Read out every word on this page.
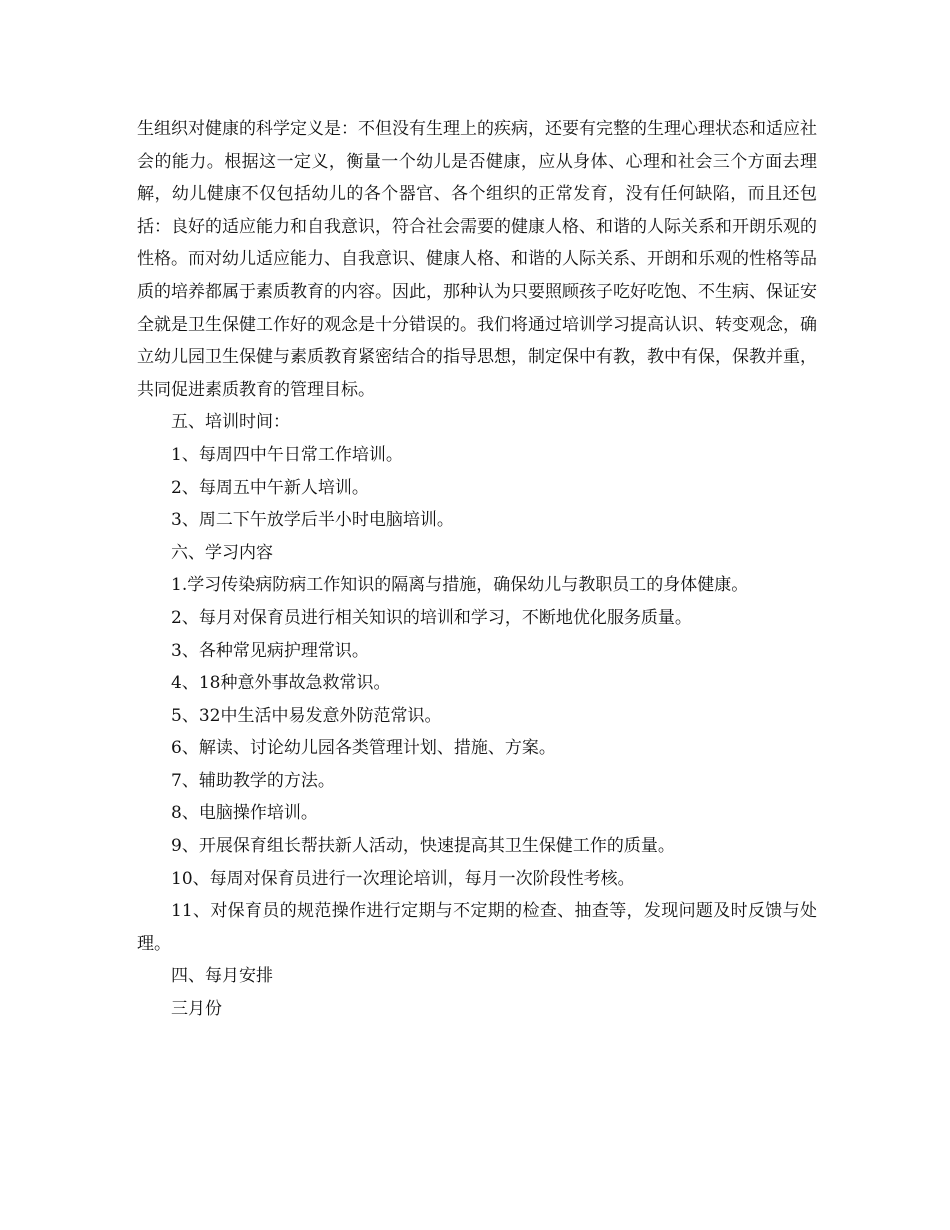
生组织对健康的科学定义是：不但没有生理上的疾病，还要有完整的生理心理状态和适应社会的能力。根据这一定义，衡量一个幼儿是否健康，应从身体、心理和社会三个方面去理解，幼儿健康不仅包括幼儿的各个器官、各个组织的正常发育，没有任何缺陷，而且还包括：良好的适应能力和自我意识，符合社会需要的健康人格、和谐的人际关系和开朗乐观的性格。而对幼儿适应能力、自我意识、健康人格、和谐的人际关系、开朗和乐观的性格等品质的培养都属于素质教育的内容。因此，那种认为只要照顾孩子吃好吃饱、不生病、保证安全就是卫生保健工作好的观念是十分错误的。我们将通过培训学习提高认识、转变观念，确立幼儿园卫生保健与素质教育紧密结合的指导思想，制定保中有教，教中有保，保教并重，共同促进素质教育的管理目标。

五、培训时间：

1、每周四中午日常工作培训。

2、每周五中午新人培训。

3、周二下午放学后半小时电脑培训。

六、学习内容

1.学习传染病防病工作知识的隔离与措施，确保幼儿与教职员工的身体健康。

2、每月对保育员进行相关知识的培训和学习，不断地优化服务质量。

3、各种常见病护理常识。

4、18种意外事故急救常识。

5、32中生活中易发意外防范常识。

6、解读、讨论幼儿园各类管理计划、措施、方案。

7、辅助教学的方法。

8、电脑操作培训。

9、开展保育组长帮扶新人活动，快速提高其卫生保健工作的质量。

10、每周对保育员进行一次理论培训，每月一次阶段性考核。

11、对保育员的规范操作进行定期与不定期的检查、抽查等，发现问题及时反馈与处理。

四、每月安排

三月份
